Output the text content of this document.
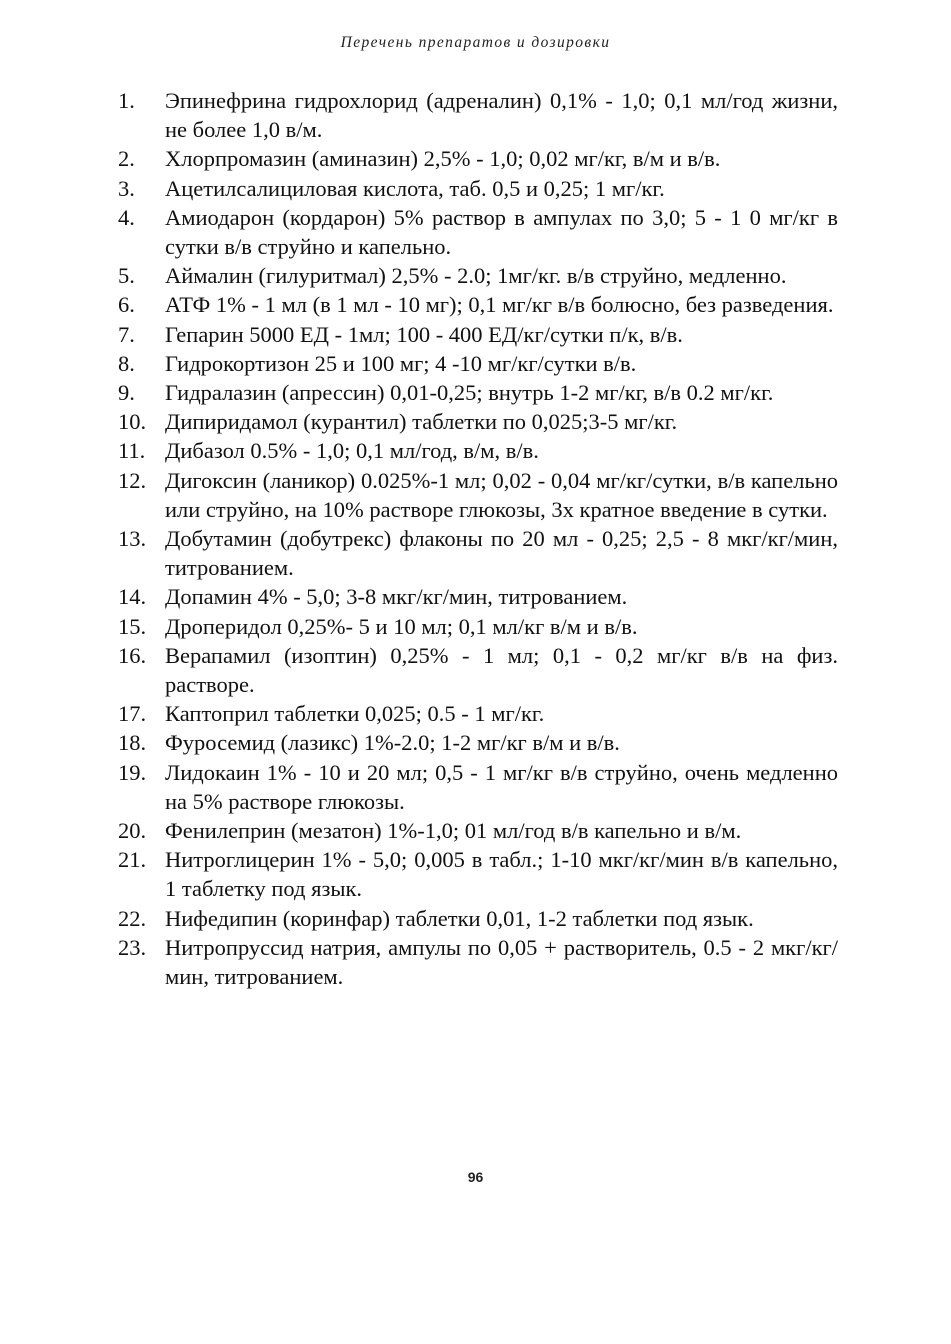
Перечень препаратов и дозировки
1.	Эпинефрина гидрохлорид (адреналин) 0,1% - 1,0; 0,1 мл/год жизни, не более 1,0 в/м.
2.	Хлорпромазин (аминазин) 2,5% - 1,0; 0,02 мг/кг, в/м и в/в.
3.	Ацетилсалициловая кислота, таб. 0,5 и 0,25; 1 мг/кг.
4.	Амиодарон (кордарон) 5% раствор в ампулах по 3,0; 5 - 1 0 мг/кг в сутки в/в струйно и капельно.
5.	Аймалин (гилуритмал) 2,5% - 2.0; 1мг/кг. в/в струйно, медленно.
6.	АТФ 1% - 1 мл (в 1 мл - 10 мг); 0,1 мг/кг в/в болюсно, без разведения.
7.	Гепарин 5000 ЕД - 1мл; 100 - 400 ЕД/кг/сутки п/к, в/в.
8.	Гидрокортизон 25 и 100 мг; 4 -10 мг/кг/сутки в/в.
9.	Гидралазин (апрессин) 0,01-0,25; внутрь 1-2 мг/кг, в/в 0.2 мг/кг.
10. Дипиридамол (курантил) таблетки по 0,025;3-5 мг/кг.
11. Дибазол 0.5% - 1,0; 0,1 мл/год, в/м, в/в.
12. Дигоксин (ланикор) 0.025%-1 мл; 0,02 - 0,04 мг/кг/сутки, в/в капельно или струйно, на 10% растворе глюкозы, 3х кратное введение в сутки.
13. Добутамин (добутрекс) флаконы по 20 мл - 0,25; 2,5 - 8 мкг/кг/мин, титрованием.
14. Допамин 4% - 5,0; 3-8 мкг/кг/мин, титрованием.
15. Дроперидол 0,25%- 5 и 10 мл; 0,1 мл/кг в/м и в/в.
16. Верапамил (изоптин) 0,25% - 1 мл; 0,1 - 0,2 мг/кг в/в на физ. растворе.
17. Каптоприл таблетки 0,025; 0.5 - 1 мг/кг.
18. Фуросемид (лазикс) 1%-2.0; 1-2 мг/кг в/м и в/в.
19. Лидокаин 1% - 10 и 20 мл; 0,5 - 1 мг/кг в/в струйно, очень медленно на 5% растворе глюкозы.
20. Фенилеприн (мезатон) 1%-1,0; 01 мл/год в/в капельно и в/м.
21. Нитроглицерин 1% - 5,0; 0,005 в табл.; 1-10 мкг/кг/мин в/в капельно, 1 таблетку под язык.
22. Нифедипин (коринфар) таблетки 0,01, 1-2 таблетки под язык.
23. Нитропруссид натрия, ампулы по 0,05 + растворитель, 0.5 - 2 мкг/кг/мин, титрованием.
96
